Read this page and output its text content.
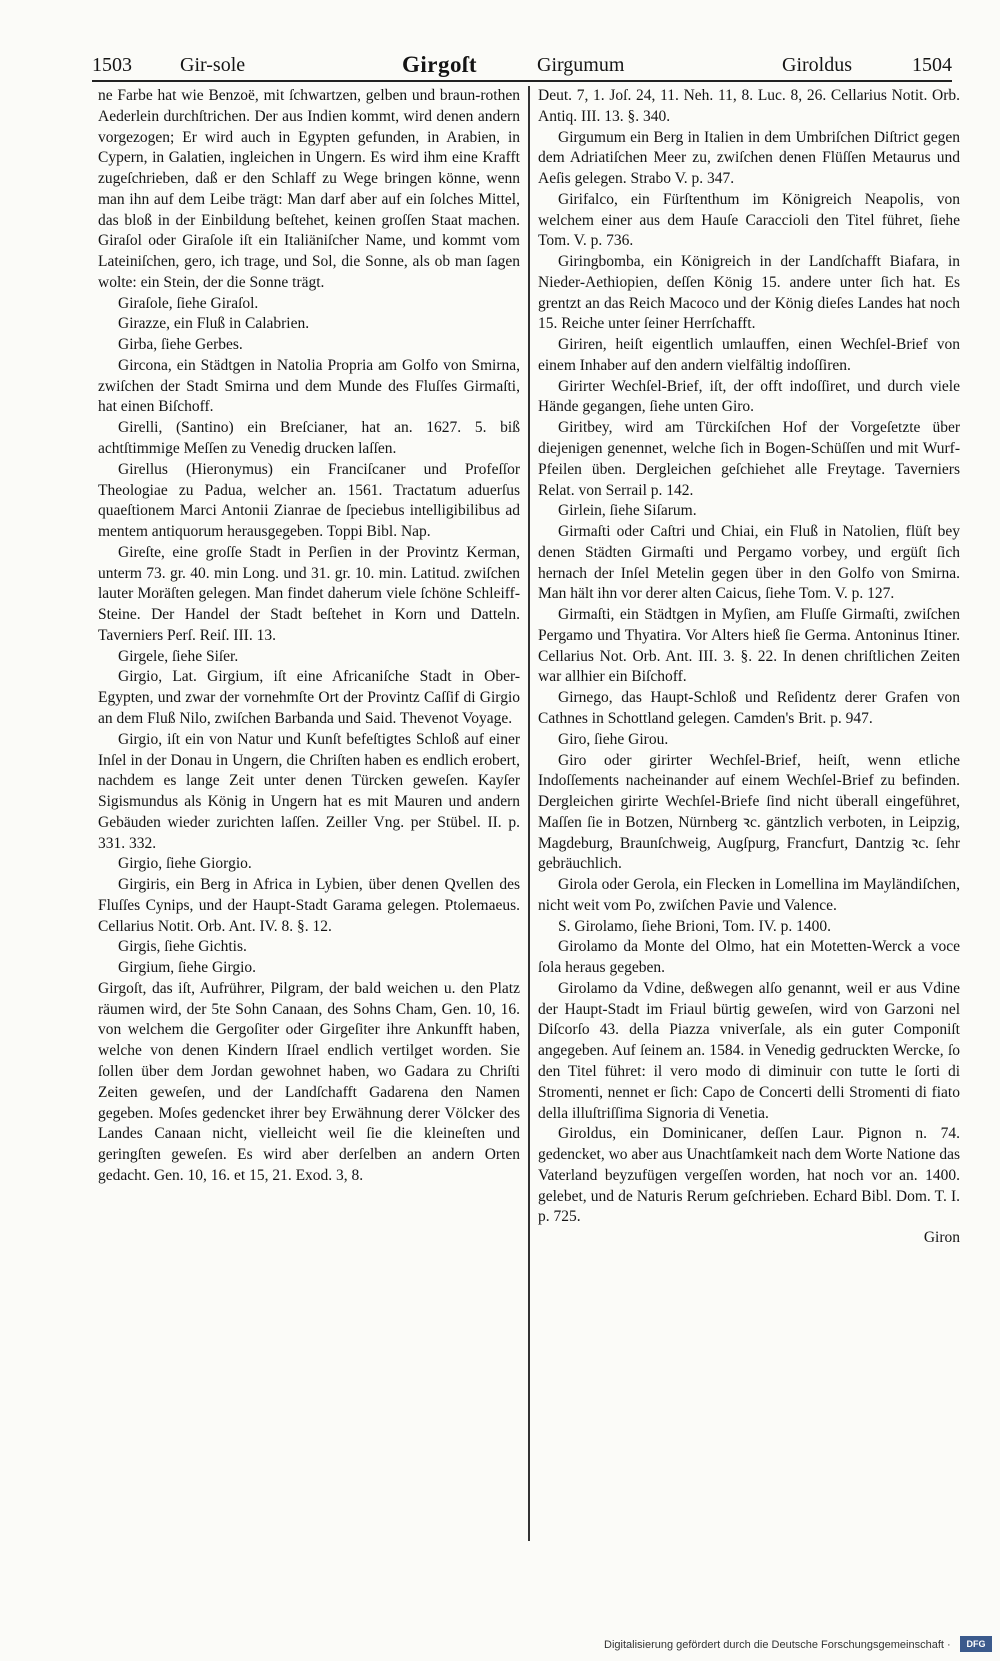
1503 Gir-sole	Girgoſt	Girgumum	Giroldus	1504

ne Farbe hat wie Benzoë, mit ſchwartzen, gelben und braun-rothen Aederlein durchſtrichen. Der aus Indien kommt, wird denen andern vorgezogen; Er wird auch in Egypten gefunden, in Arabien, in Cypern, in Galatien, ingleichen in Ungern. Es wird ihm eine Krafft zugeſchrieben, daß er den Schlaff zu Wege bringen könne, wenn man ihn auf dem Leibe trägt: Man darf aber auf ein ſolches Mittel, das bloß in der Einbildung beſtehet, keinen groſſen Staat machen. Giraſol oder Giraſole iſt ein Italiäniſcher Name, und kommt vom Lateiniſchen, gero, ich trage, und Sol, die Sonne, als ob man ſagen wolte: ein Stein, der die Sonne trägt.

Giraſole, ſiehe Giraſol.

Girazze, ein Fluß in Calabrien.

Girba, ſiehe Gerbes.

Gircona, ein Städtgen in Natolia Propria am Golfo von Smirna, zwiſchen der Stadt Smirna und dem Munde des Fluſſes Girmaſti, hat einen Biſchoff.

Girelli, (Santino) ein Breſcianer, hat an. 1627. 5. biß achtſtimmige Meſſen zu Venedig drucken laſſen.

Girellus (Hieronymus) ein Franciſcaner und Profeſſor Theologiae zu Padua, welcher an. 1561. Tractatum aduerſus quaeſtionem Marci Antonii Zianrae de ſpeciebus intelligibilibus ad mentem antiquorum herausgegeben. Toppi Bibl. Nap.

Gireſte, eine groſſe Stadt in Perſien in der Provintz Kerman, unterm 73. gr. 40. min Long. und 31. gr. 10. min. Latitud. zwiſchen lauter Moräſten gelegen. Man findet daherum viele ſchöne Schleiff-Steine. Der Handel der Stadt beſtehet in Korn und Datteln. Taverniers Perſ. Reiſ. III. 13.

Girgele, ſiehe Siſer.

Girgio, Lat. Girgium, iſt eine Africaniſche Stadt in Ober-Egypten, und zwar der vornehmſte Ort der Provintz Caſſif di Girgio an dem Fluß Nilo, zwiſchen Barbanda und Said. Thevenot Voyage.

Girgio, iſt ein von Natur und Kunſt befeſtigtes Schloß auf einer Inſel in der Donau in Ungern, die Chriſten haben es endlich erobert, nachdem es lange Zeit unter denen Türcken geweſen. Kayſer Sigismundus als König in Ungern hat es mit Mauren und andern Gebäuden wieder zurichten laſſen. Zeiller Vng. per Stübel. II. p. 331. 332.

Girgio, ſiehe Giorgio.

Girgiris, ein Berg in Africa in Lybien, über denen Qvellen des Fluſſes Cynips, und der Haupt-Stadt Garama gelegen. Ptolemaeus. Cellarius Notit. Orb. Ant. IV. 8. §. 12.

Girgis, ſiehe Gichtis.

Girgium, ſiehe Girgio.

Girgoſt, das iſt, Aufrührer, Pilgram, der bald weichen u. den Platz räumen wird, der 5te Sohn Canaan, des Sohns Cham, Gen. 10, 16. von welchem die Gergoſiter oder Girgeſiter ihre Ankunfft haben, welche von denen Kindern Iſrael endlich vertilget worden. Sie ſollen über dem Jordan gewohnet haben, wo Gadara zu Chriſti Zeiten geweſen, und der Landſchafft Gadarena den Namen gegeben. Moſes gedencket ihrer bey Erwähnung derer Völcker des Landes Canaan nicht, vielleicht weil ſie die kleineſten und geringſten geweſen. Es wird aber derſelben an andern Orten gedacht. Gen. 10, 16. et 15, 21. Exod. 3, 8.

Deut. 7, 1. Joſ. 24, 11. Neh. 11, 8. Luc. 8, 26. Cellarius Notit. Orb. Antiq. III. 13. §. 340.

Girgumum ein Berg in Italien in dem Umbriſchen Diſtrict gegen dem Adriatiſchen Meer zu, zwiſchen denen Flüſſen Metaurus und Aeſis gelegen. Strabo V. p. 347.

Girifalco, ein Fürſtenthum im Königreich Neapolis, von welchem einer aus dem Hauſe Caraccioli den Titel führet, ſiehe Tom. V. p. 736.

Giringbomba, ein Königreich in der Landſchafft Biafara, in Nieder-Aethiopien, deſſen König 15. andere unter ſich hat. Es grentzt an das Reich Macoco und der König dieſes Landes hat noch 15. Reiche unter ſeiner Herrſchafft.

Giriren, heiſt eigentlich umlauffen, einen Wechſel-Brief von einem Inhaber auf den andern vielfältig indoſſiren.

Girirter Wechſel-Brief, iſt, der offt indoſſiret, und durch viele Hände gegangen, ſiehe unten Giro.

Giritbey, wird am Türckiſchen Hof der Vorgeſetzte über diejenigen genennet, welche ſich in Bogen-Schüſſen und mit Wurf-Pfeilen üben. Dergleichen geſchiehet alle Freytage. Taverniers Relat. von Serrail p. 142.

Girlein, ſiehe Siſarum.

Girmaſti oder Caſtri und Chiai, ein Fluß in Natolien, flüſt bey denen Städten Girmaſti und Pergamo vorbey, und ergüſt ſich hernach der Inſel Metelin gegen über in den Golfo von Smirna. Man hält ihn vor derer alten Caicus, ſiehe Tom. V. p. 127.

Girmaſti, ein Städtgen in Myſien, am Fluſſe Girmaſti, zwiſchen Pergamo und Thyatira. Vor Alters hieß ſie Germa. Antoninus Itiner. Cellarius Not. Orb. Ant. III. 3. §. 22. In denen chriſtlichen Zeiten war allhier ein Biſchoff.

Girnego, das Haupt-Schloß und Reſidentz derer Grafen von Cathnes in Schottland gelegen. Camden's Brit. p. 947.

Giro, ſiehe Girou.

Giro oder girirter Wechſel-Brief, heiſt, wenn etliche Indoſſements nacheinander auf einem Wechſel-Brief zu befinden. Dergleichen girirte Wechſel-Briefe ſind nicht überall eingeführet, Maſſen ſie in Botzen, Nürnberg ꝛc. gäntzlich verboten, in Leipzig, Magdeburg, Braunſchweig, Augſpurg, Francfurt, Dantzig ꝛc. ſehr gebräuchlich.

Girola oder Gerola, ein Flecken in Lomellina im Mayländiſchen, nicht weit vom Po, zwiſchen Pavie und Valence.

S. Girolamo, ſiehe Brioni, Tom. IV. p. 1400.

Girolamo da Monte del Olmo, hat ein Motetten-Werck a voce ſola heraus gegeben.

Girolamo da Vdine, deßwegen alſo genannt, weil er aus Vdine der Haupt-Stadt im Friaul bürtig geweſen, wird von Garzoni nel Diſcorſo 43. della Piazza vniverſale, als ein guter Componiſt angegeben. Auf ſeinem an. 1584. in Venedig gedruckten Wercke, ſo den Titel führet: il vero modo di diminuir con tutte le ſorti di Stromenti, nennet er ſich: Capo de Concerti delli Stromenti di fiato della illuſtriſſima Signoria di Venetia.

Giroldus, ein Dominicaner, deſſen Laur. Pignon n. 74. gedencket, wo aber aus Unachtſamkeit nach dem Worte Natione das Vaterland beyzufügen vergeſſen worden, hat noch vor an. 1400. gelebet, und de Naturis Rerum geſchrieben. Echard Bibl. Dom. T. I. p. 725.

Giron

Digitalisierung gefördert durch die Deutsche Forschungsgemeinschaft ·	DFG
